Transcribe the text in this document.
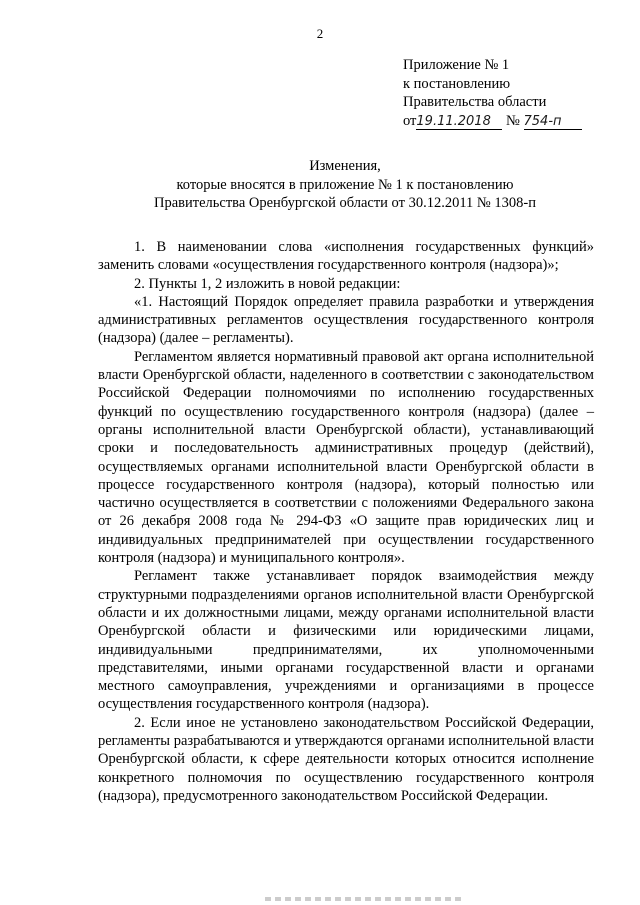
2
Приложение № 1
к постановлению
Правительства области
от19.11.2018 № 754-п
Изменения,
которые вносятся в приложение № 1 к постановлению
Правительства Оренбургской области от 30.12.2011 № 1308-п

1. В наименовании слова «исполнения государственных функций» заменить словами «осуществления государственного контроля (надзора)»;

2. Пункты 1, 2 изложить в новой редакции:

«1. Настоящий Порядок определяет правила разработки и утверждения административных регламентов осуществления государственного контроля (надзора) (далее – регламенты).

Регламентом является нормативный правовой акт органа исполнительной власти Оренбургской области, наделенного в соответствии с законодательством Российской Федерации полномочиями по исполнению государственных функций по осуществлению государственного контроля (надзора) (далее – органы исполнительной власти Оренбургской области), устанавливающий сроки и последовательность административных процедур (действий), осуществляемых органами исполнительной власти Оренбургской области в процессе государственного контроля (надзора), который полностью или частично осуществляется в соответствии с положениями Федерального закона от 26 декабря 2008 года № 294-ФЗ «О защите прав юридических лиц и индивидуальных предпринимателей при осуществлении государственного контроля (надзора) и муниципального контроля».

Регламент также устанавливает порядок взаимодействия между структурными подразделениями органов исполнительной власти Оренбургской области и их должностными лицами, между органами исполнительной власти Оренбургской области и физическими или юридическими лицами, индивидуальными предпринимателями, их уполномоченными представителями, иными органами государственной власти и органами местного самоуправления, учреждениями и организациями в процессе осуществления государственного контроля (надзора).

2. Если иное не установлено законодательством Российской Федерации, регламенты разрабатываются и утверждаются органами исполнительной власти Оренбургской области, к сфере деятельности которых относится исполнение конкретного полномочия по осуществлению государственного контроля (надзора), предусмотренного законодательством Российской Федерации.
